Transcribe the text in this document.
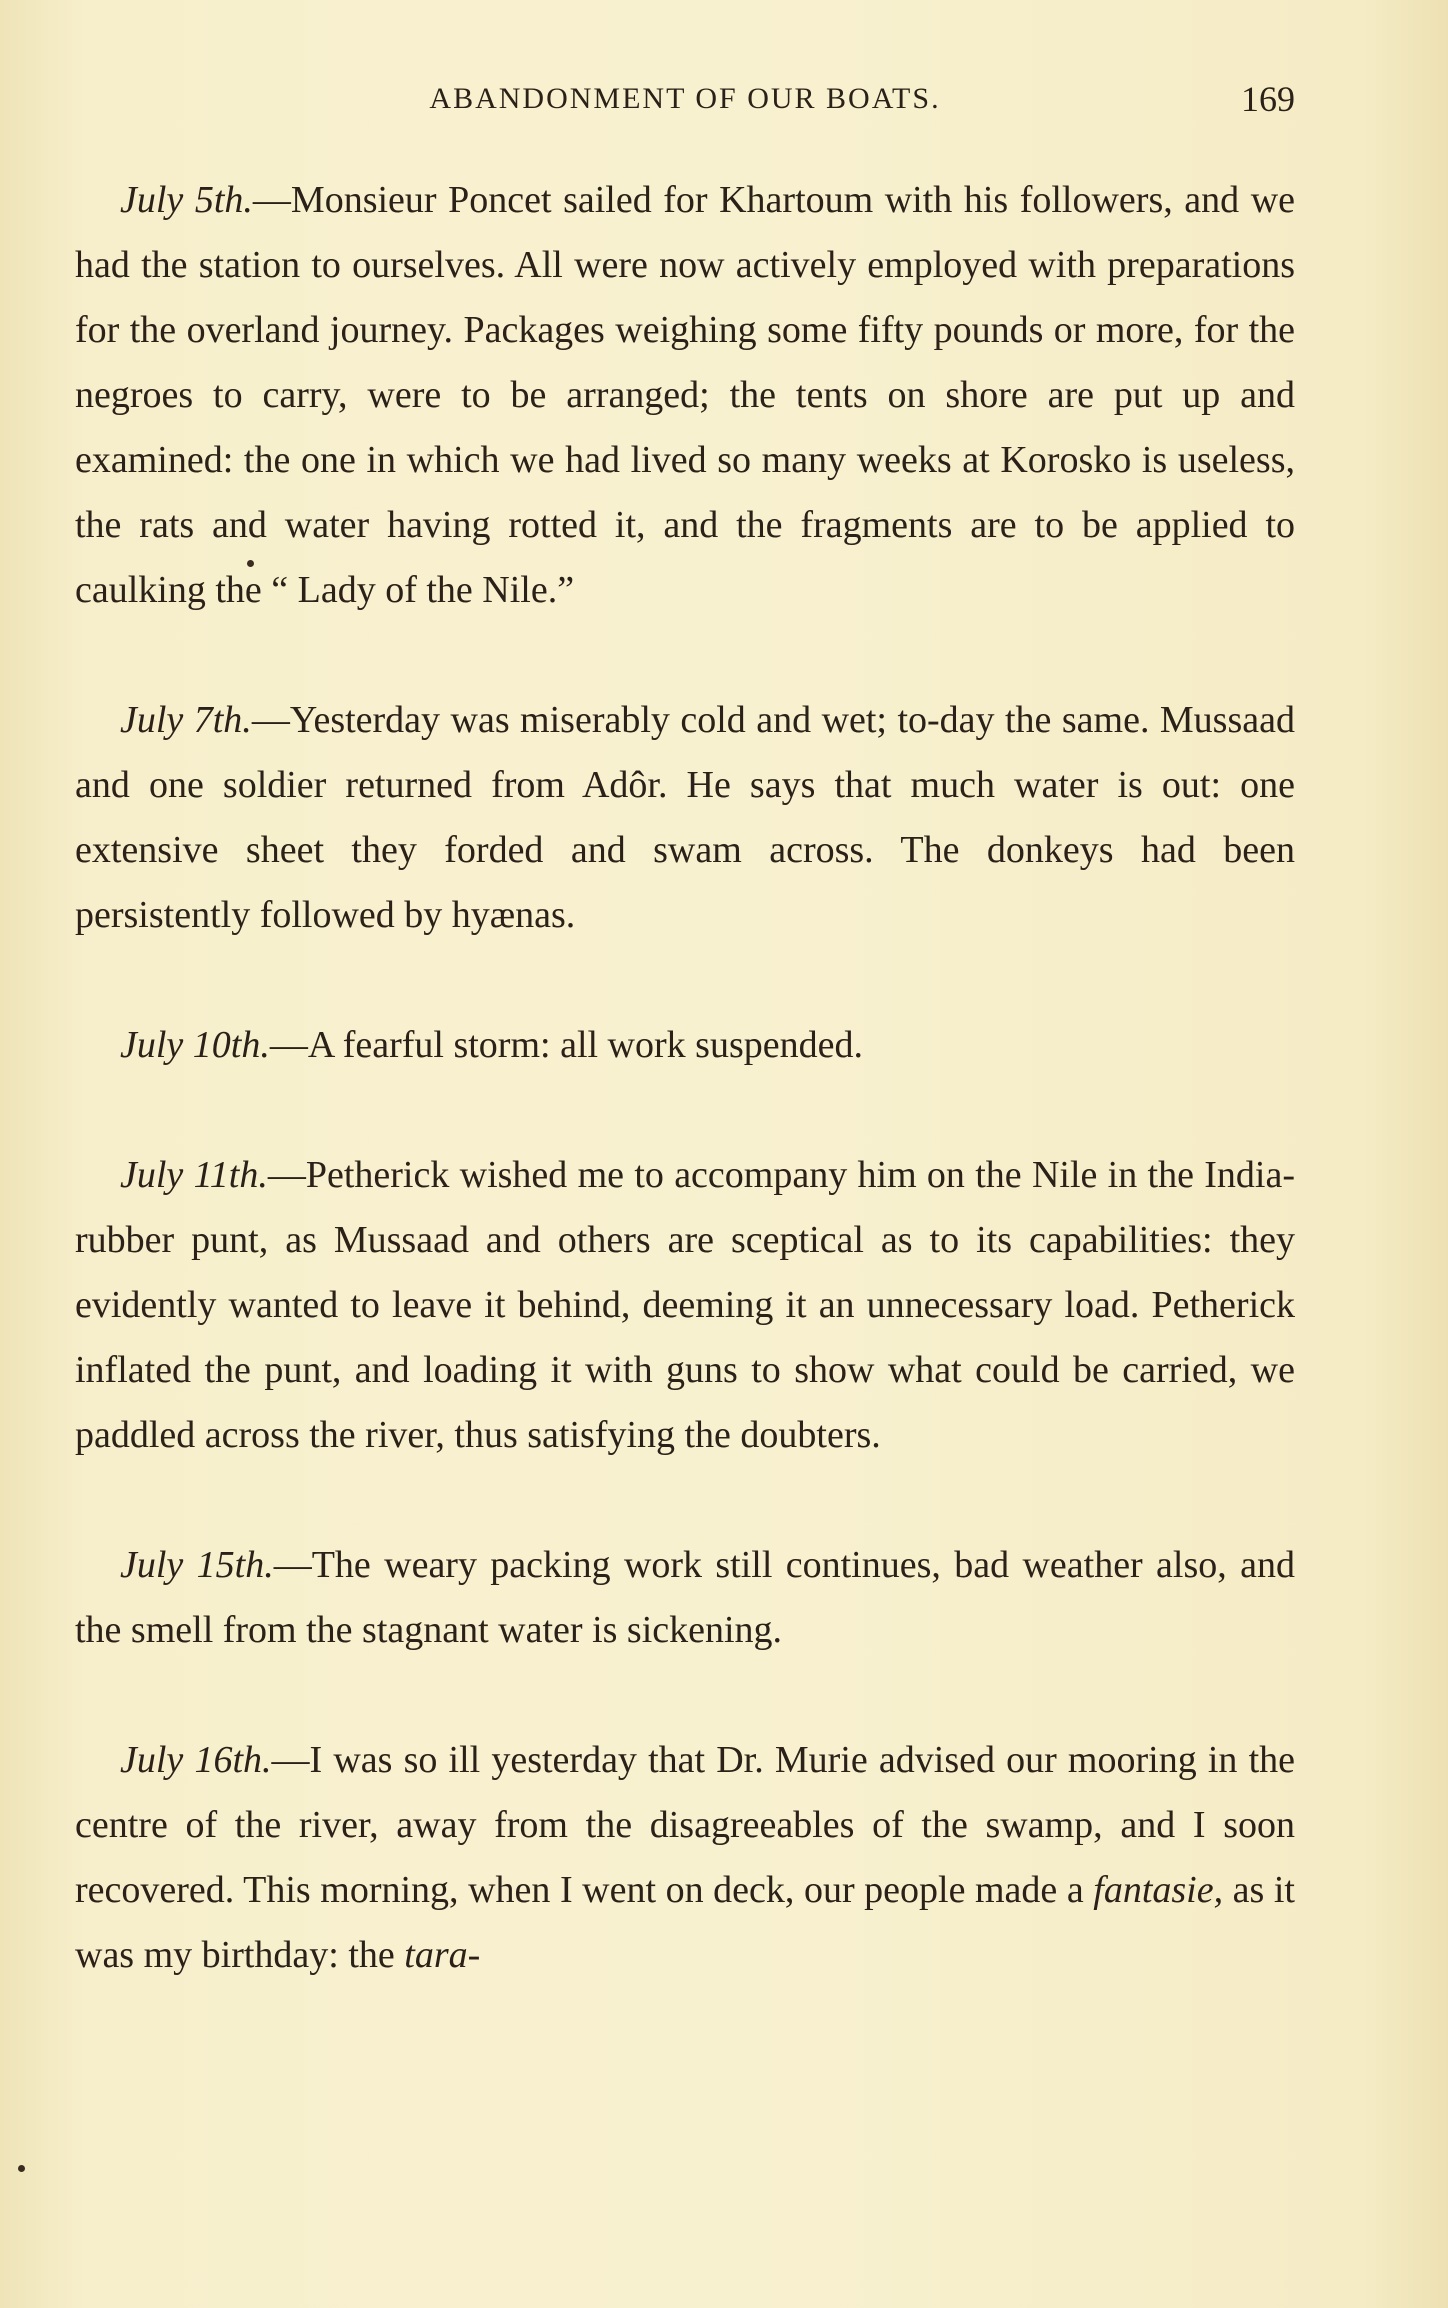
ABANDONMENT OF OUR BOATS.	169

July 5th.—Monsieur Poncet sailed for Khartoum with his followers, and we had the station to ourselves. All were now actively employed with preparations for the overland journey. Packages weighing some fifty pounds or more, for the negroes to carry, were to be arranged; the tents on shore are put up and examined: the one in which we had lived so many weeks at Korosko is useless, the rats and water having rotted it, and the fragments are to be applied to caulking the “ Lady of the Nile.”

July 7th.—Yesterday was miserably cold and wet; to-day the same. Mussaad and one soldier returned from Adôr. He says that much water is out: one extensive sheet they forded and swam across. The donkeys had been persistently followed by hyænas.

July 10th.—A fearful storm: all work suspended.

July 11th.—Petherick wished me to accompany him on the Nile in the India-rubber punt, as Mussaad and others are sceptical as to its capabilities: they evidently wanted to leave it behind, deeming it an unnecessary load. Petherick inflated the punt, and loading it with guns to show what could be carried, we paddled across the river, thus satisfying the doubters.

July 15th.—The weary packing work still continues, bad weather also, and the smell from the stagnant water is sickening.

July 16th.—I was so ill yesterday that Dr. Murie advised our mooring in the centre of the river, away from the disagreeables of the swamp, and I soon recovered. This morning, when I went on deck, our people made a fantasie, as it was my birthday: the tara-
